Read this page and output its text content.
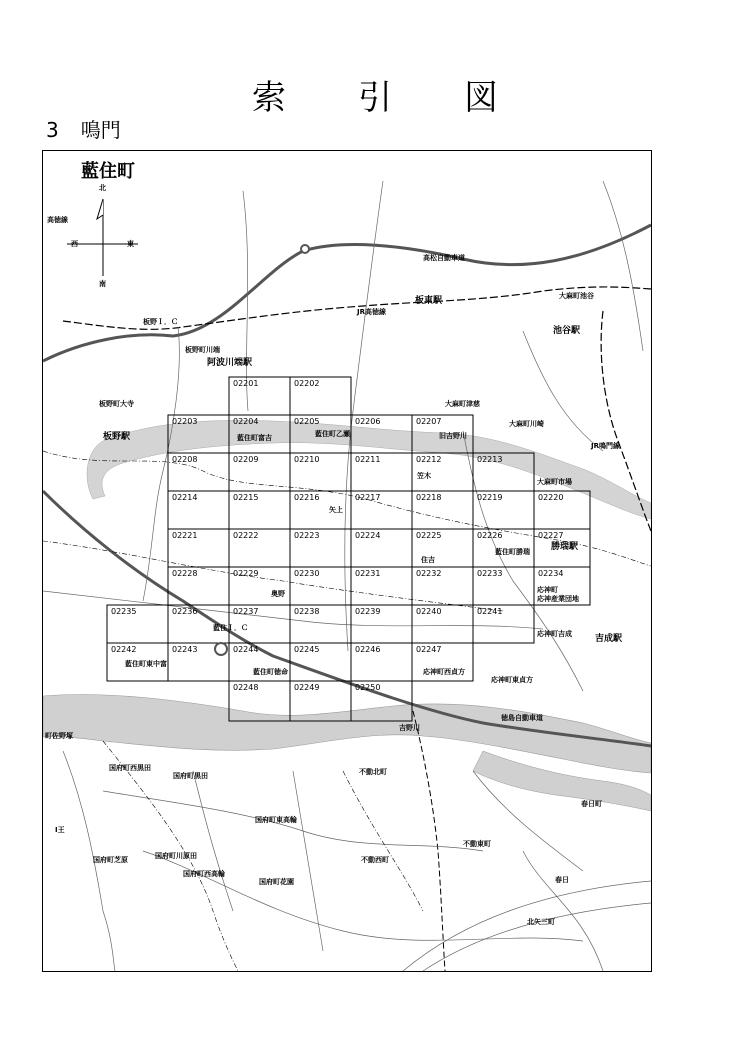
索 引 図
3 鳴門
藍住町
北
南
東
西
02201	02202
02203	02204	02205	02206	02207
02208	02209	02210	02211	02212	02213
02214	02215	02216	02217	02218	02219	02220
02221	02222	02223	02224	02225	02226	02227
02228	02229	02230	02231	02232	02233	02234
02235	02236	02237	02238	02239	02240	02241
02242	02243	02244	02245	02246	02247
02248	02249	02250
高徳線
高松自動車道
板野Ｉ．Ｃ
JR高徳線
板東駅	大麻町池谷
池谷駅
板野町川端
阿波川端駅
板野町大寺
板野駅	藍住町富吉	藍住町乙瀬
大麻町津慈
大麻町川崎
旧吉野川
JR鳴門線
大麻町市場
笠木
矢上
住吉
藍住町勝瑞 勝瑞駅
奥野	応神町
応神産業団地
藍住Ｉ．Ｃ
応神町吉成	吉成駅
藍住町東中富
藍住町徳命	応神町西貞方
応神町東貞方
徳島自動車道
吉野川
町佐野塚
国府町西黒田
国府町黒田	不動北町
春日町
国府町東高輪
不動東町
I王
国府町川原田
国府町芝原	不動西町
国府町西高輪
国府町花園	春日
北矢三町
